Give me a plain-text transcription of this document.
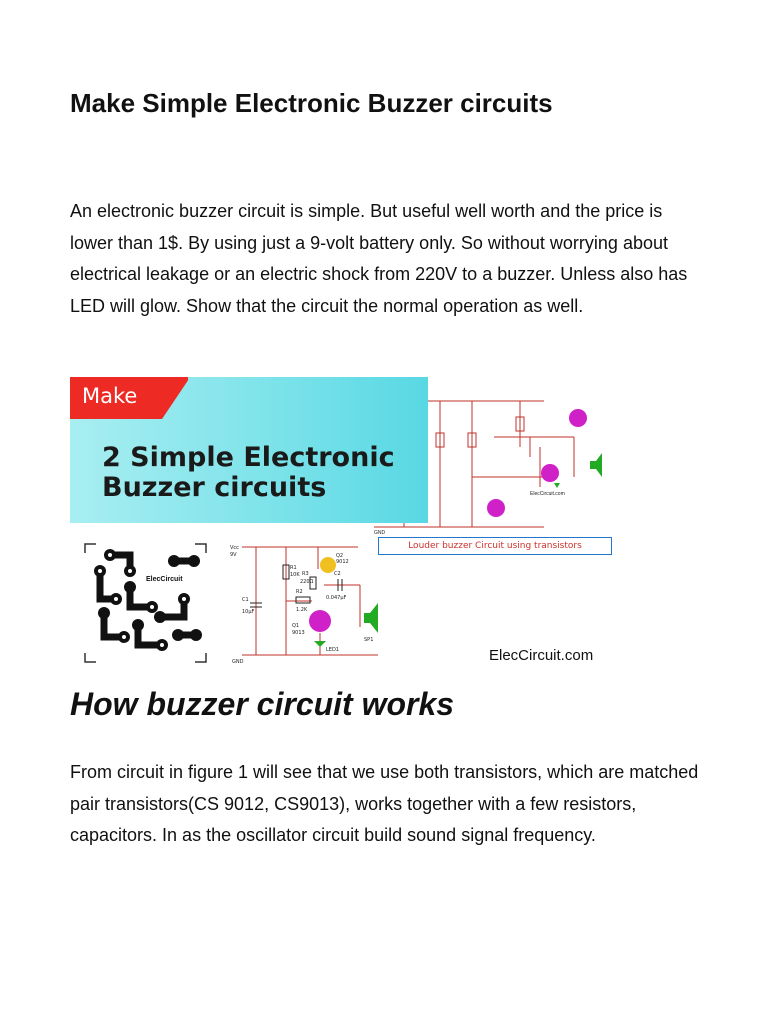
Make Simple Electronic Buzzer circuits

An electronic buzzer circuit is simple. But useful well worth and the price is lower than 1$. By using just a 9-volt battery only. So without worrying about electrical leakage or an electric shock from 220V to a buzzer. Unless also has LED will glow. Show that the circuit the normal operation as well.

ElecCircuit.com
GND
Louder buzzer Circuit using transistors
Make
2 Simple Electronic
Buzzer circuits
ElecCircuit
Vcc
9V
GND
R1
10K
R2
1.2K
R3
220Ω
C1
10μF
C2
0.047μF
Q1
9013
Q2
9012
LED1
SP1
ElecCircuit.com
How buzzer circuit works

From circuit in figure 1 will see that we use both transistors, which are matched pair transistors(CS 9012, CS9013), works together with a few resistors, capacitors. In as the oscillator circuit build sound signal frequency.
